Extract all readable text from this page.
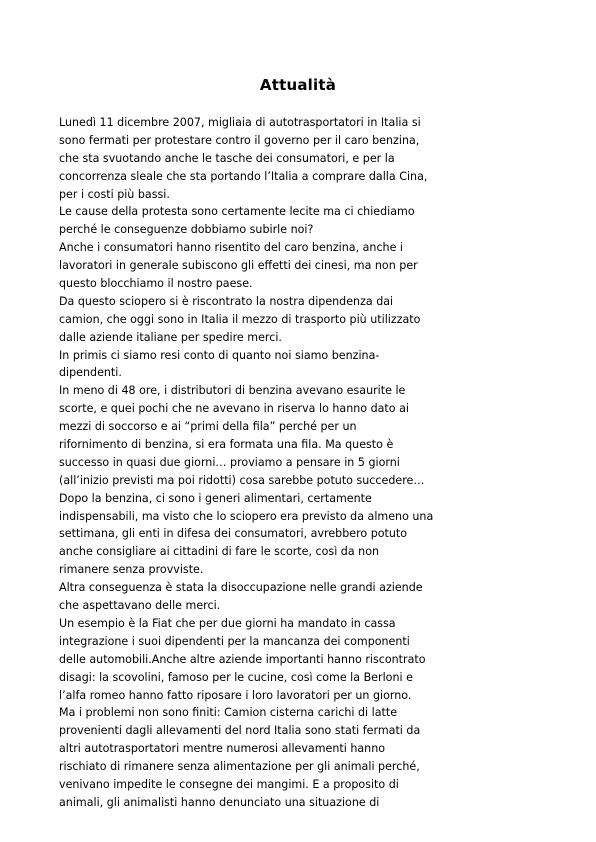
Attualità
Lunedì 11 dicembre 2007, migliaia di autotrasportatori in Italia si
sono fermati per protestare contro il governo per il caro benzina,
che sta svuotando anche le tasche dei consumatori, e per la
concorrenza sleale che sta portando l’Italia a comprare dalla Cina,
per i costi più bassi.
Le cause della protesta sono certamente lecite ma ci chiediamo
perché le conseguenze dobbiamo subirle noi?
Anche i consumatori hanno risentito del caro benzina, anche i
lavoratori in generale subiscono gli effetti dei cinesi, ma non per
questo blocchiamo il nostro paese.
Da questo sciopero si è riscontrato la nostra dipendenza dai
camion, che oggi sono in Italia il mezzo di trasporto più utilizzato
dalle aziende italiane per spedire merci.
In primis ci siamo resi conto di quanto noi siamo benzina-
dipendenti.
In meno di 48 ore, i distributori di benzina avevano esaurite le
scorte, e quei pochi che ne avevano in riserva lo hanno dato ai
mezzi di soccorso e ai “primi della fila” perché per un
rifornimento di benzina, si era formata una fila. Ma questo è
successo in quasi due giorni… proviamo a pensare in 5 giorni
(all’inizio previsti ma poi ridotti) cosa sarebbe potuto succedere…
Dopo la benzina, ci sono i generi alimentari, certamente
indispensabili, ma visto che lo sciopero era previsto da almeno una
settimana, gli enti in difesa dei consumatori, avrebbero potuto
anche consigliare ai cittadini di fare le scorte, così da non
rimanere senza provviste.
Altra conseguenza è stata la disoccupazione nelle grandi aziende
che aspettavano delle merci.
Un esempio è la Fiat che per due giorni ha mandato in cassa
integrazione i suoi dipendenti per la mancanza dei componenti
delle automobili.Anche altre aziende importanti hanno riscontrato
disagi: la scovolini, famoso per le cucine, così come la Berloni e
l’alfa romeo hanno fatto riposare i loro lavoratori per un giorno.
Ma i problemi non sono finiti: Camion cisterna carichi di latte
provenienti dagli allevamenti del nord Italia sono stati fermati da
altri autotrasportatori mentre numerosi allevamenti hanno
rischiato di rimanere senza alimentazione per gli animali perché,
venivano impedite le consegne dei mangimi. E a proposito di
animali, gli animalisti hanno denunciato una situazione di
